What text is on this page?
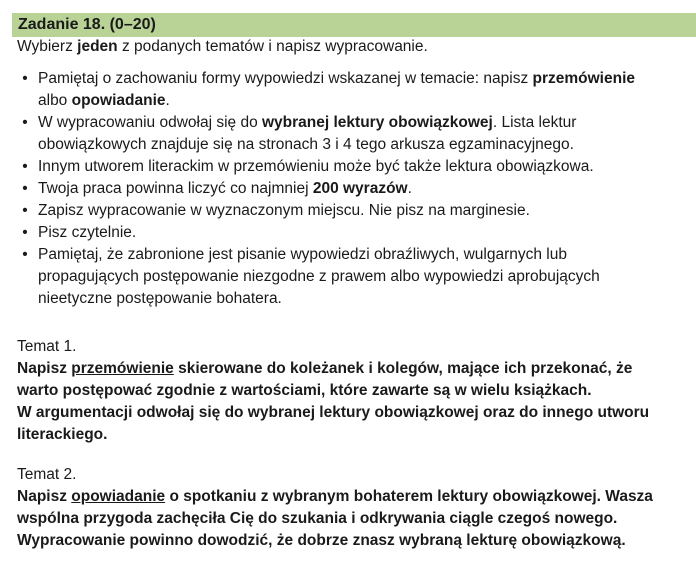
Zadanie 18. (0–20)
Wybierz jeden z podanych tematów i napisz wypracowanie.
• Pamiętaj o zachowaniu formy wypowiedzi wskazanej w temacie: napisz przemówienie
albo opowiadanie.
• W wypracowaniu odwołaj się do wybranej lektury obowiązkowej. Lista lektur
obowiązkowych znajduje się na stronach 3 i 4 tego arkusza egzaminacyjnego.
• Innym utworem literackim w przemówieniu może być także lektura obowiązkowa.
• Twoja praca powinna liczyć co najmniej 200 wyrazów.
• Zapisz wypracowanie w wyznaczonym miejscu. Nie pisz na marginesie.
• Pisz czytelnie.
• Pamiętaj, że zabronione jest pisanie wypowiedzi obraźliwych, wulgarnych lub
propagujących postępowanie niezgodne z prawem albo wypowiedzi aprobujących
nieetyczne postępowanie bohatera.
Temat 1.
Napisz przemówienie skierowane do koleżanek i kolegów, mające ich przekonać, że
warto postępować zgodnie z wartościami, które zawarte są w wielu książkach.
W argumentacji odwołaj się do wybranej lektury obowiązkowej oraz do innego utworu
literackiego.
Temat 2.
Napisz opowiadanie o spotkaniu z wybranym bohaterem lektury obowiązkowej. Wasza
wspólna przygoda zachęciła Cię do szukania i odkrywania ciągle czegoś nowego.
Wypracowanie powinno dowodzić, że dobrze znasz wybraną lekturę obowiązkową.
